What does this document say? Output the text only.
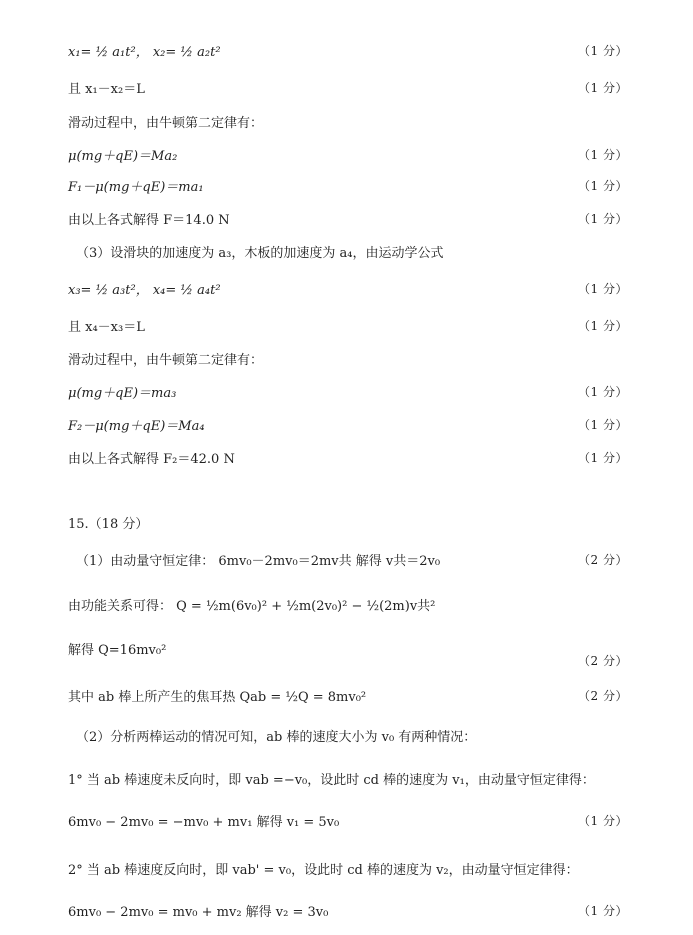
x₁= ½ a₁t²， x₂= ½ a₂t²	（1 分）
且 x₁－x₂＝L	（1 分）
滑动过程中，由牛顿第二定律有：
μ(mg＋qE)＝Ma₂	（1 分）
F₁－μ(mg＋qE)＝ma₁	（1 分）
由以上各式解得 F＝14.0 N	（1 分）
（3）设滑块的加速度为 a₃，木板的加速度为 a₄，由运动学公式
x₃= ½ a₃t²， x₄= ½ a₄t²	（1 分）
且 x₄－x₃＝L	（1 分）
滑动过程中，由牛顿第二定律有：
μ(mg＋qE)＝ma₃	（1 分）
F₂－μ(mg＋qE)＝Ma₄	（1 分）
由以上各式解得 F₂＝42.0 N	（1 分）
15.（18 分）
（1）由动量守恒定律： 6mv₀－2mv₀＝2mv共 解得 v共＝2v₀	（2 分）
由功能关系可得： Q = ½m(6v₀)² + ½m(2v₀)² − ½(2m)v共²
解得 Q=16mv₀²
（2 分）
其中 ab 棒上所产生的焦耳热 Qab = ½Q = 8mv₀²	（2 分）
（2）分析两棒运动的情况可知，ab 棒的速度大小为 v₀ 有两种情况：
1° 当 ab 棒速度未反向时，即 vab =−v₀，设此时 cd 棒的速度为 v₁，由动量守恒定律得：
6mv₀ − 2mv₀ = −mv₀ + mv₁ 解得 v₁ = 5v₀	（1 分）
2° 当 ab 棒速度反向时，即 vab' = v₀，设此时 cd 棒的速度为 v₂，由动量守恒定律得：
6mv₀ − 2mv₀ = mv₀ + mv₂ 解得 v₂ = 3v₀	（1 分）
